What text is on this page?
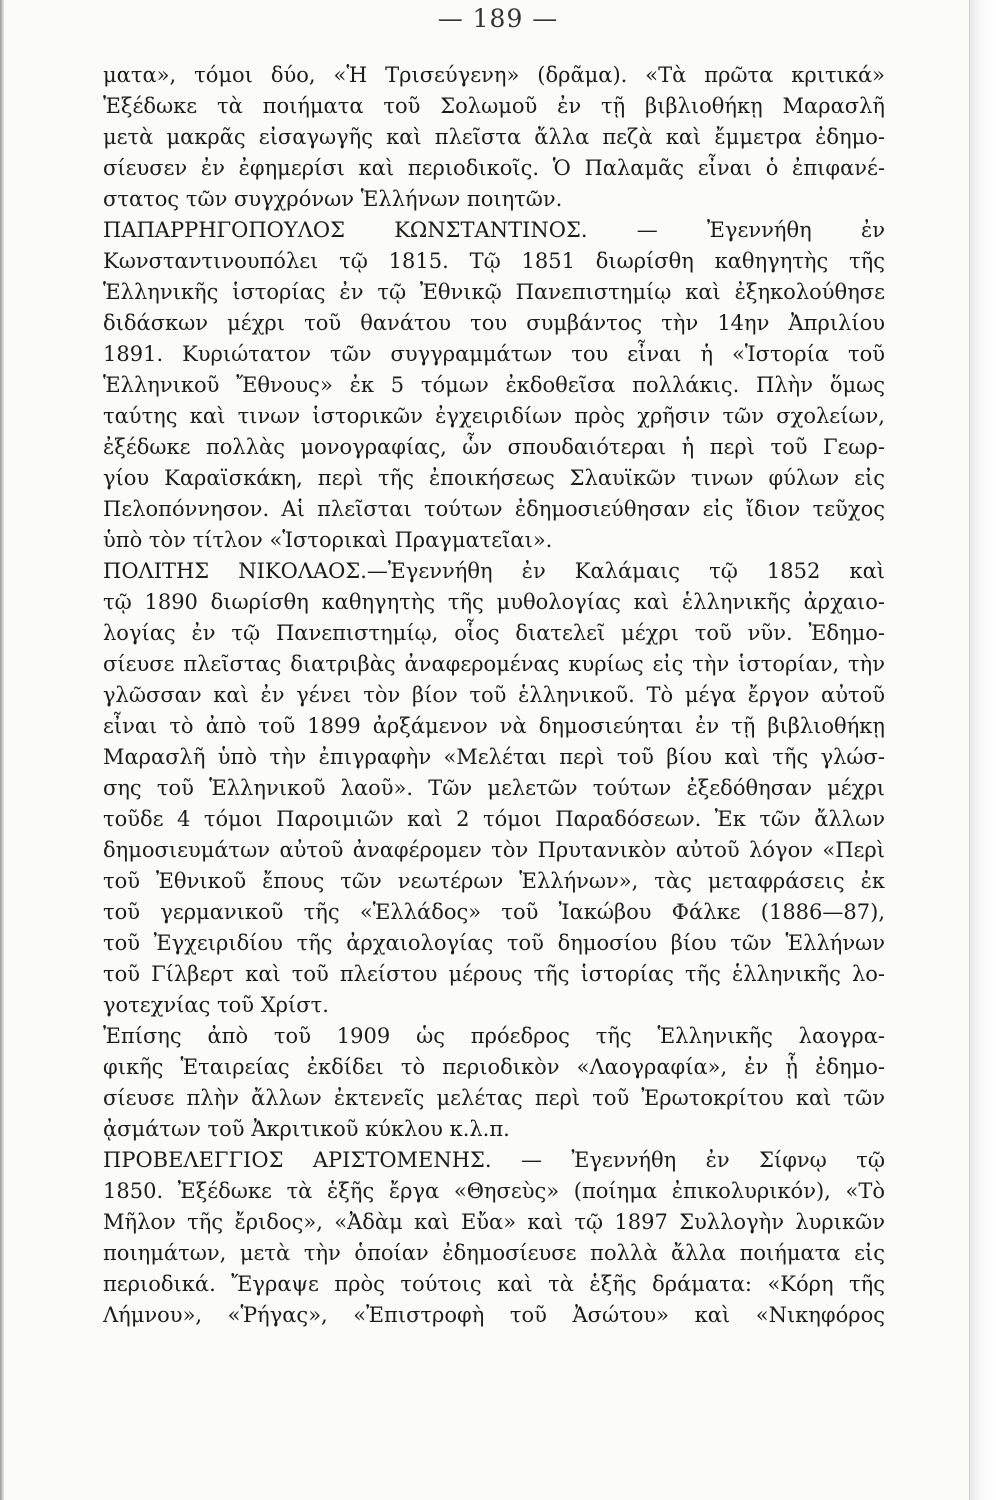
— 189 —
ματα», τόμοι δύο, «Ἡ Τρισεύγενη» (δρᾶμα). «Τὰ πρῶτα κριτικά»
Ἐξέδωκε τὰ ποιήματα τοῦ Σολωμοῦ ἐν τῇ βιβλιοθήκῃ Μαρασλῆ
μετὰ μακρᾶς εἰσαγωγῆς καὶ πλεῖστα ἄλλα πεζὰ καὶ ἔμμετρα ἐδημο-
σίευσεν ἐν ἐφημερίσι καὶ περιοδικοῖς. Ὁ Παλαμᾶς εἶναι ὁ ἐπιφανέ-
στατος τῶν συγχρόνων Ἑλλήνων ποιητῶν.
ΠΑΠΑΡΡΗΓΟΠΟΥΛΟΣ ΚΩΝΣΤΑΝΤΙΝΟΣ. — Ἐγεννήθη ἐν
Κωνσταντινουπόλει τῷ 1815. Τῷ 1851 διωρίσθη καθηγητὴς τῆς
Ἑλληνικῆς ἱστορίας ἐν τῷ Ἐθνικῷ Πανεπιστημίῳ καὶ ἐξηκολούθησε
διδάσκων μέχρι τοῦ θανάτου του συμβάντος τὴν 14ην Ἀπριλίου
1891. Κυριώτατον τῶν συγγραμμάτων του εἶναι ἡ «Ἱστορία τοῦ
Ἑλληνικοῦ Ἔθνους» ἐκ 5 τόμων ἐκδοθεῖσα πολλάκις. Πλὴν ὅμως
ταύτης καὶ τινων ἱστορικῶν ἐγχειριδίων πρὸς χρῆσιν τῶν σχολείων,
ἐξέδωκε πολλὰς μονογραφίας, ὧν σπουδαιότεραι ἡ περὶ τοῦ Γεωρ-
γίου Καραϊσκάκη, περὶ τῆς ἐποικήσεως Σλαυϊκῶν τινων φύλων εἰς
Πελοπόννησον. Αἱ πλεῖσται τούτων ἐδημοσιεύθησαν εἰς ἴδιον τεῦχος
ὑπὸ τὸν τίτλον «Ἱστορικαὶ Πραγματεῖαι».
ΠΟΛΙΤΗΣ ΝΙΚΟΛΑΟΣ.—Ἐγεννήθη ἐν Καλάμαις τῷ 1852 καὶ
τῷ 1890 διωρίσθη καθηγητὴς τῆς μυθολογίας καὶ ἑλληνικῆς ἀρχαιο-
λογίας ἐν τῷ Πανεπιστημίῳ, οἷος διατελεῖ μέχρι τοῦ νῦν. Ἐδημο-
σίευσε πλεῖστας διατριβὰς ἀναφερομένας κυρίως εἰς τὴν ἱστορίαν, τὴν
γλῶσσαν καὶ ἐν γένει τὸν βίον τοῦ ἑλληνικοῦ. Τὸ μέγα ἔργον αὐτοῦ
εἶναι τὸ ἀπὸ τοῦ 1899 ἀρξάμενον νὰ δημοσιεύηται ἐν τῇ βιβλιοθήκῃ
Μαρασλῆ ὑπὸ τὴν ἐπιγραφὴν «Μελέται περὶ τοῦ βίου καὶ τῆς γλώσ-
σης τοῦ Ἑλληνικοῦ λαοῦ». Τῶν μελετῶν τούτων ἐξεδόθησαν μέχρι
τοῦδε 4 τόμοι Παροιμιῶν καὶ 2 τόμοι Παραδόσεων. Ἐκ τῶν ἄλλων
δημοσιευμάτων αὐτοῦ ἀναφέρομεν τὸν Πρυτανικὸν αὐτοῦ λόγον «Περὶ
τοῦ Ἐθνικοῦ ἔπους τῶν νεωτέρων Ἑλλήνων», τὰς μεταφράσεις ἐκ
τοῦ γερμανικοῦ τῆς «Ἑλλάδος» τοῦ Ἰακώβου Φάλκε (1886—87),
τοῦ Ἐγχειριδίου τῆς ἀρχαιολογίας τοῦ δημοσίου βίου τῶν Ἑλλήνων
τοῦ Γίλβερτ καὶ τοῦ πλείστου μέρους τῆς ἱστορίας τῆς ἑλληνικῆς λο-
γοτεχνίας τοῦ Χρίστ.
Ἐπίσης ἀπὸ τοῦ 1909 ὡς πρόεδρος τῆς Ἑλληνικῆς λαογρα-
φικῆς Ἑταιρείας ἐκδίδει τὸ περιοδικὸν «Λαογραφία», ἐν ᾗ ἐδημο-
σίευσε πλὴν ἄλλων ἐκτενεῖς μελέτας περὶ τοῦ Ἐρωτοκρίτου καὶ τῶν
ᾀσμάτων τοῦ Ἀκριτικοῦ κύκλου κ.λ.π.
ΠΡΟΒΕΛΕΓΓΙΟΣ ΑΡΙΣΤΟΜΕΝΗΣ. — Ἐγεννήθη ἐν Σίφνῳ τῷ
1850. Ἐξέδωκε τὰ ἑξῆς ἔργα «Θησεὺς» (ποίημα ἐπικολυρικόν), «Τὸ
Μῆλον τῆς ἔριδος», «Ἀδὰμ καὶ Εὔα» καὶ τῷ 1897 Συλλογὴν λυρικῶν
ποιημάτων, μετὰ τὴν ὁποίαν ἐδημοσίευσε πολλὰ ἄλλα ποιήματα εἰς
περιοδικά. Ἔγραψε πρὸς τούτοις καὶ τὰ ἑξῆς δράματα: «Κόρη τῆς
Λήμνου», «Ῥήγας», «Ἐπιστροφὴ τοῦ Ἀσώτου» καὶ «Νικηφόρος
